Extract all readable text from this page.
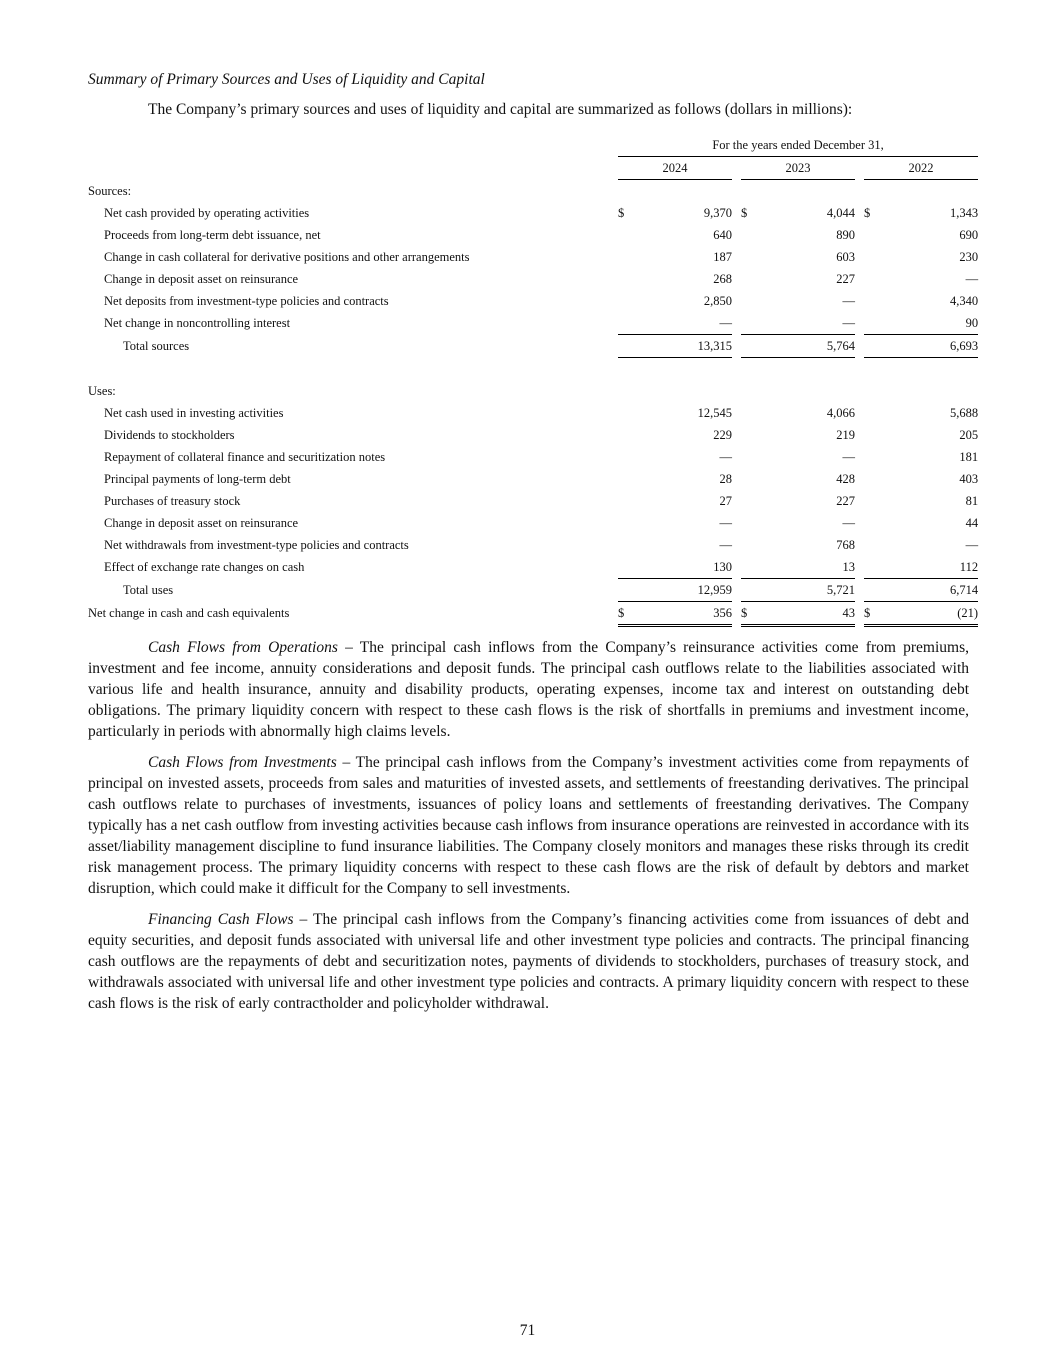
Summary of Primary Sources and Uses of Liquidity and Capital

The Company’s primary sources and uses of liquidity and capital are summarized as follows (dollars in millions):

	For the years ended December 31,							
	2024			2023			2022	
Sources:								
Net cash provided by operating activities	$	9,370		$	4,044		$	1,343
Proceeds from long-term debt issuance, net		640			890			690
Change in cash collateral for derivative positions and other arrangements		187			603			230
Change in deposit asset on reinsurance		268			227			—
Net deposits from investment-type policies and contracts		2,850			—			4,340
Net change in noncontrolling interest		—			—			90
Total sources		13,315			5,764			6,693

Uses:								
Net cash used in investing activities		12,545			4,066			5,688
Dividends to stockholders		229			219			205
Repayment of collateral finance and securitization notes		—			—			181
Principal payments of long-term debt		28			428			403
Purchases of treasury stock		27			227			81
Change in deposit asset on reinsurance		—			—			44
Net withdrawals from investment-type policies and contracts		—			768			—
Effect of exchange rate changes on cash		130			13			112
Total uses		12,959			5,721			6,714
Net change in cash and cash equivalents	$	356		$	43		$	(21)

Cash Flows from Operations – The principal cash inflows from the Company’s reinsurance activities come from premiums, investment and fee income, annuity considerations and deposit funds. The principal cash outflows relate to the liabilities associated with various life and health insurance, annuity and disability products, operating expenses, income tax and interest on outstanding debt obligations. The primary liquidity concern with respect to these cash flows is the risk of shortfalls in premiums and investment income, particularly in periods with abnormally high claims levels.

Cash Flows from Investments – The principal cash inflows from the Company’s investment activities come from repayments of principal on invested assets, proceeds from sales and maturities of invested assets, and settlements of freestanding derivatives. The principal cash outflows relate to purchases of investments, issuances of policy loans and settlements of freestanding derivatives. The Company typically has a net cash outflow from investing activities because cash inflows from insurance operations are reinvested in accordance with its asset/liability management discipline to fund insurance liabilities. The Company closely monitors and manages these risks through its credit risk management process. The primary liquidity concerns with respect to these cash flows are the risk of default by debtors and market disruption, which could make it difficult for the Company to sell investments.

Financing Cash Flows – The principal cash inflows from the Company’s financing activities come from issuances of debt and equity securities, and deposit funds associated with universal life and other investment type policies and contracts. The principal financing cash outflows are the repayments of debt and securitization notes, payments of dividends to stockholders, purchases of treasury stock, and withdrawals associated with universal life and other investment type policies and contracts. A primary liquidity concern with respect to these cash flows is the risk of early contractholder and policyholder withdrawal.

71
